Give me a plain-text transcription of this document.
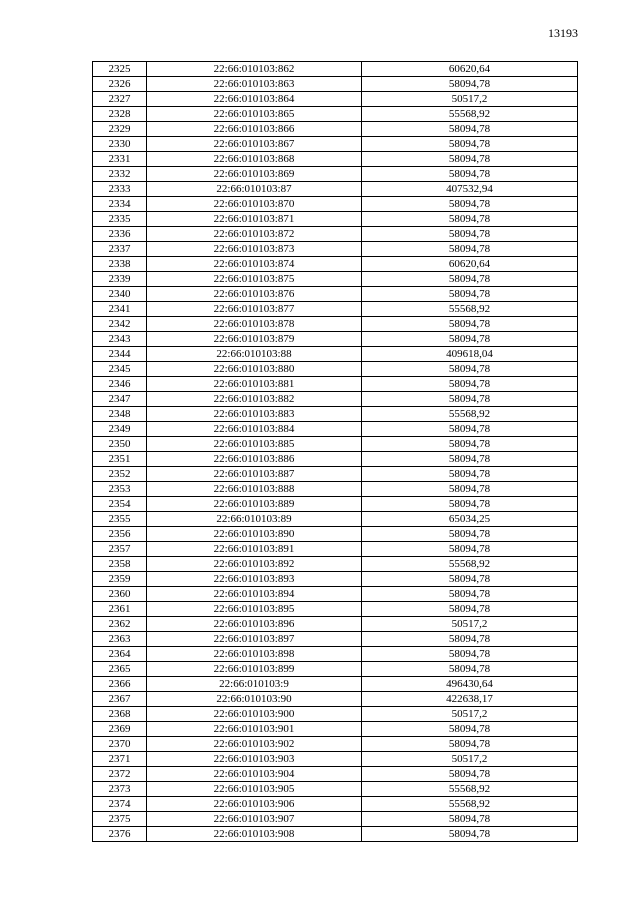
13193
2325	22:66:010103:862	60620,64
2326	22:66:010103:863	58094,78
2327	22:66:010103:864	50517,2
2328	22:66:010103:865	55568,92
2329	22:66:010103:866	58094,78
2330	22:66:010103:867	58094,78
2331	22:66:010103:868	58094,78
2332	22:66:010103:869	58094,78
2333	22:66:010103:87	407532,94
2334	22:66:010103:870	58094,78
2335	22:66:010103:871	58094,78
2336	22:66:010103:872	58094,78
2337	22:66:010103:873	58094,78
2338	22:66:010103:874	60620,64
2339	22:66:010103:875	58094,78
2340	22:66:010103:876	58094,78
2341	22:66:010103:877	55568,92
2342	22:66:010103:878	58094,78
2343	22:66:010103:879	58094,78
2344	22:66:010103:88	409618,04
2345	22:66:010103:880	58094,78
2346	22:66:010103:881	58094,78
2347	22:66:010103:882	58094,78
2348	22:66:010103:883	55568,92
2349	22:66:010103:884	58094,78
2350	22:66:010103:885	58094,78
2351	22:66:010103:886	58094,78
2352	22:66:010103:887	58094,78
2353	22:66:010103:888	58094,78
2354	22:66:010103:889	58094,78
2355	22:66:010103:89	65034,25
2356	22:66:010103:890	58094,78
2357	22:66:010103:891	58094,78
2358	22:66:010103:892	55568,92
2359	22:66:010103:893	58094,78
2360	22:66:010103:894	58094,78
2361	22:66:010103:895	58094,78
2362	22:66:010103:896	50517,2
2363	22:66:010103:897	58094,78
2364	22:66:010103:898	58094,78
2365	22:66:010103:899	58094,78
2366	22:66:010103:9	496430,64
2367	22:66:010103:90	422638,17
2368	22:66:010103:900	50517,2
2369	22:66:010103:901	58094,78
2370	22:66:010103:902	58094,78
2371	22:66:010103:903	50517,2
2372	22:66:010103:904	58094,78
2373	22:66:010103:905	55568,92
2374	22:66:010103:906	55568,92
2375	22:66:010103:907	58094,78
2376	22:66:010103:908	58094,78
